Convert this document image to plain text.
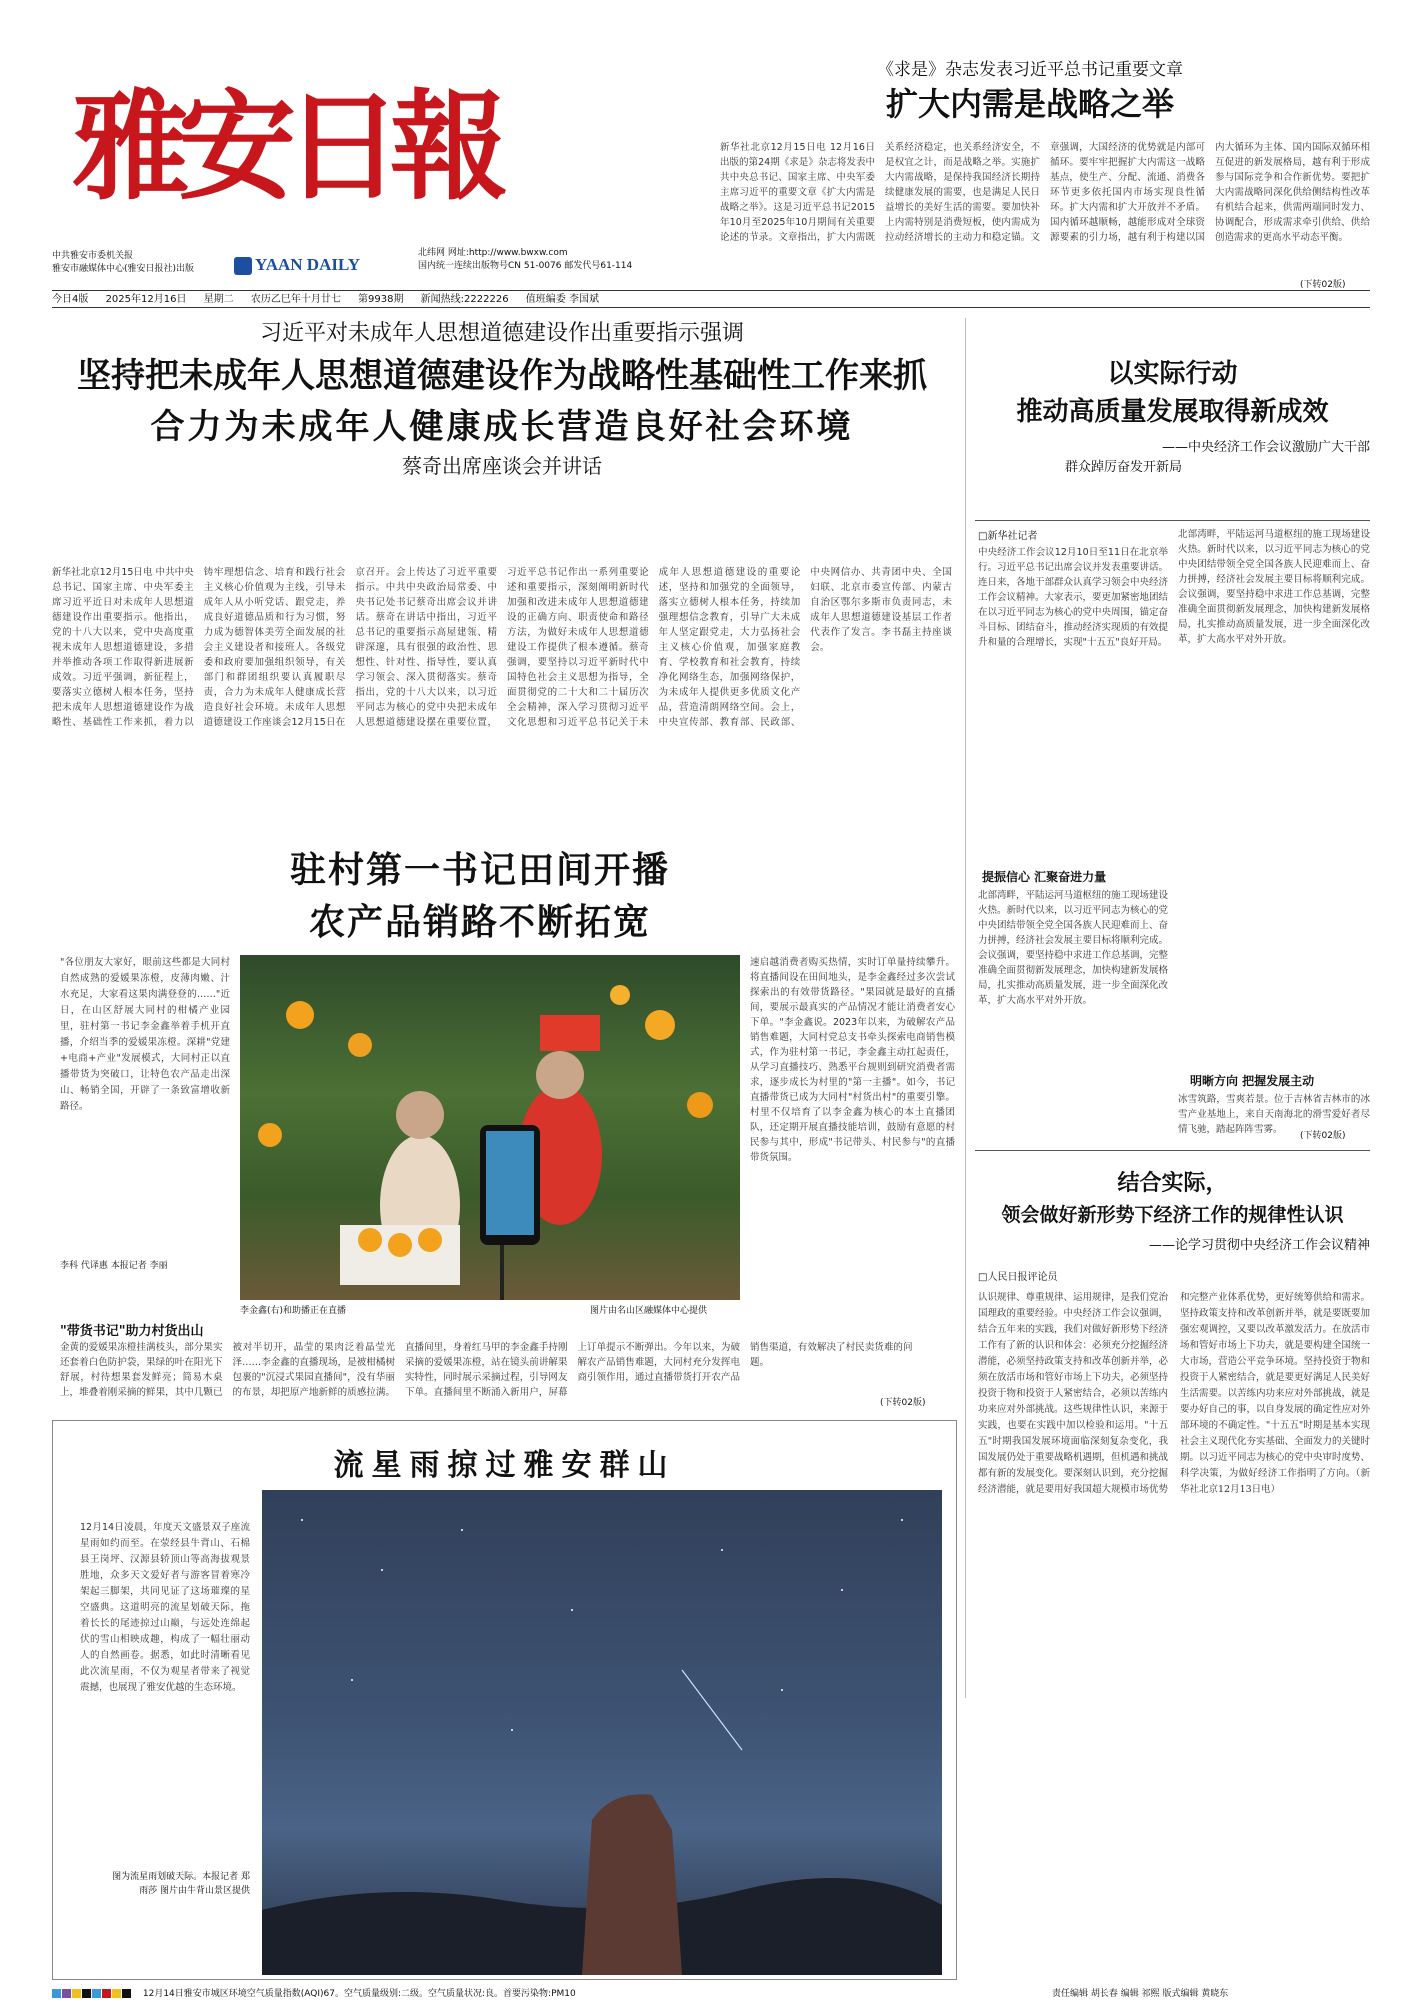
雅安日報
中共雅安市委机关报
雅安市融媒体中心(雅安日报社)出版	YAAN DAILY
北纬网 网址:http://www.bwxw.com
国内统一连续出版物号CN 51-0076 邮发代号61-114
《求是》杂志发表习近平总书记重要文章
扩大内需是战略之举
新华社北京12月15日电 12月16日出版的第24期《求是》杂志将发表中共中央总书记、国家主席、中央军委主席习近平的重要文章《扩大内需是战略之举》。这是习近平总书记2015年10月至2025年10月期间有关重要论述的节录。文章指出，扩大内需既关系经济稳定，也关系经济安全，不是权宜之计，而是战略之举。实施扩大内需战略，是保持我国经济长期持续健康发展的需要，也是满足人民日益增长的美好生活的需要。要加快补上内需特别是消费短板，使内需成为拉动经济增长的主动力和稳定锚。文章强调，大国经济的优势就是内部可循环。要牢牢把握扩大内需这一战略基点，使生产、分配、流通、消费各环节更多依托国内市场实现良性循环。扩大内需和扩大开放并不矛盾。国内循环越顺畅，越能形成对全球资源要素的引力场，越有利于构建以国内大循环为主体、国内国际双循环相互促进的新发展格局，越有利于形成参与国际竞争和合作新优势。要把扩大内需战略同深化供给侧结构性改革有机结合起来，供需两端同时发力、协调配合，形成需求牵引供给、供给创造需求的更高水平动态平衡。
(下转02版)
今日4版 2025年12月16日 星期二 农历乙巳年十月廿七 第9938期 新闻热线:2222226 值班编委 李国斌
习近平对未成年人思想道德建设作出重要指示强调
坚持把未成年人思想道德建设作为战略性基础性工作来抓
合力为未成年人健康成长营造良好社会环境
蔡奇出席座谈会并讲话
新华社北京12月15日电 中共中央总书记、国家主席、中央军委主席习近平近日对未成年人思想道德建设作出重要指示。他指出，党的十八大以来，党中央高度重视未成年人思想道德建设，多措并举推动各项工作取得新进展新成效。习近平强调，新征程上，要落实立德树人根本任务，坚持把未成年人思想道德建设作为战略性、基础性工作来抓，着力以铸牢理想信念、培育和践行社会主义核心价值观为主线，引导未成年人从小听党话、跟党走，养成良好道德品质和行为习惯，努力成为德智体美劳全面发展的社会主义建设者和接班人。各级党委和政府要加强组织领导，有关部门和群团组织要认真履职尽责，合力为未成年人健康成长营造良好社会环境。未成年人思想道德建设工作座谈会12月15日在京召开。会上传达了习近平重要指示。中共中央政治局常委、中央书记处书记蔡奇出席会议并讲话。蔡奇在讲话中指出，习近平总书记的重要指示高屋建瓴、精辟深邃，具有很强的政治性、思想性、针对性、指导性，要认真学习领会、深入贯彻落实。蔡奇指出，党的十八大以来，以习近平同志为核心的党中央把未成年人思想道德建设摆在重要位置，习近平总书记作出一系列重要论述和重要指示，深刻阐明新时代加强和改进未成年人思想道德建设的正确方向、职责使命和路径方法，为做好未成年人思想道德建设工作提供了根本遵循。蔡奇强调，要坚持以习近平新时代中国特色社会主义思想为指导，全面贯彻党的二十大和二十届历次全会精神，深入学习贯彻习近平文化思想和习近平总书记关于未成年人思想道德建设的重要论述，坚持和加强党的全面领导，落实立德树人根本任务，持续加强理想信念教育，引导广大未成年人坚定跟党走，大力弘扬社会主义核心价值观，加强家庭教育、学校教育和社会教育，持续净化网络生态，加强网络保护，为未成年人提供更多优质文化产品，营造清朗网络空间。会上，中央宣传部、教育部、民政部、中央网信办、共青团中央、全国妇联、北京市委宣传部、内蒙古自治区鄂尔多斯市负责同志，未成年人思想道德建设基层工作者代表作了发言。李书磊主持座谈会。
驻村第一书记田间开播
农产品销路不断拓宽
"各位朋友大家好，眼前这些都是大同村自然成熟的爱媛果冻橙，皮薄肉嫩、汁水充足，大家看这果肉满登登的……"近日，在山区舒展大同村的柑橘产业园里，驻村第一书记李金鑫举着手机开直播，介绍当季的爱媛果冻橙。深耕"党建+电商+产业"发展模式，大同村正以直播带货为突破口，让特色农产品走出深山、畅销全国，开辟了一条致富增收新路径。
李科 代译惠 本报记者 李丽
李金鑫(右)和助播正在直播	图片由名山区融媒体中心提供
速启越消费者购买热情，实时订单量持续攀升。将直播间设在田间地头，是李金鑫经过多次尝试探索出的有效带货路径。"果园就是最好的直播间，要展示最真实的产品情况才能让消费者安心下单。"李金鑫说。2023年以来，为破解农产品销售难题，大同村党总支书牵头探索电商销售模式，作为驻村第一书记，李金鑫主动扛起责任，从学习直播技巧、熟悉平台规则到研究消费者需求，逐步成长为村里的"第一主播"。如今，书记直播带货已成为大同村"村货出村"的重要引擎。村里不仅培育了以李金鑫为核心的本土直播团队，还定期开展直播技能培训，鼓励有意愿的村民参与其中，形成"书记带头、村民参与"的直播带货氛围。
"带货书记"助力村货出山
金黄的爱媛果冻橙挂满枝头，部分果实还套着白色防护袋，果绿的叶在阳光下舒展，村待想果套发鲜亮；简易木桌上，堆叠着刚采摘的鲜果，其中几颗已被对半切开，晶莹的果肉泛着晶莹光泽……李金鑫的直播现场，是被柑橘树包裹的"沉浸式果园直播间"，没有华丽的布景，却把原产地新鲜的质感拉满。直播间里，身着红马甲的李金鑫手持刚采摘的爱媛果冻橙，站在镜头前讲解果实特性，同时展示采摘过程，引导网友下单。直播间里不断涌入新用户，屏幕上订单提示不断弹出。今年以来，为破解农产品销售难题，大同村充分发挥电商引领作用，通过直播带货打开农产品销售渠道，有效解决了村民卖货难的问题。
(下转02版)
流星雨掠过雅安群山
12月14日凌晨，年度天文盛景双子座流星雨如约而至。在荥经县牛背山、石棉县王岗坪、汉源县轿顶山等高海拔观景胜地，众多天文爱好者与游客冒着寒冷架起三脚架，共同见证了这场璀璨的星空盛典。这道明亮的流星划破天际，拖着长长的尾迹掠过山巅，与远处连绵起伏的雪山相映成趣，构成了一幅壮丽动人的自然画卷。据悉，如此时清晰看见此次流星雨，不仅为观星者带来了视觉震撼，也展现了雅安优越的生态环境。
图为流星雨划破天际。本报记者 郑雨莎 图片由牛背山景区提供
以实际行动
推动高质量发展取得新成效
——中央经济工作会议激励广大干部
群众踔厉奋发开新局
□新华社记者
中央经济工作会议12月10日至11日在北京举行。习近平总书记出席会议并发表重要讲话。连日来，各地干部群众认真学习领会中央经济工作会议精神。大家表示，要更加紧密地团结在以习近平同志为核心的党中央周围，锚定奋斗目标、团结奋斗，推动经济实现质的有效提升和量的合理增长，实现"十五五"良好开局。
提振信心 汇聚奋进力量
北部湾畔，平陆运河马道枢纽的施工现场建设火热。新时代以来，以习近平同志为核心的党中央团结带领全党全国各族人民迎难而上、奋力拼搏，经济社会发展主要目标将顺利完成。会议强调，要坚持稳中求进工作总基调，完整准确全面贯彻新发展理念，加快构建新发展格局，扎实推动高质量发展，进一步全面深化改革，扩大高水平对外开放。
北部湾畔，平陆运河马道枢纽的施工现场建设火热。新时代以来，以习近平同志为核心的党中央团结带领全党全国各族人民迎难而上、奋力拼搏，经济社会发展主要目标将顺利完成。会议强调，要坚持稳中求进工作总基调，完整准确全面贯彻新发展理念，加快构建新发展格局，扎实推动高质量发展，进一步全面深化改革，扩大高水平对外开放。
明晰方向 把握发展主动
冰雪筑路，雪爽若景。位于吉林省吉林市的冰雪产业基地上，来自天南海北的滑雪爱好者尽情飞驰，踏起阵阵雪雾。
(下转02版)
结合实际，
领会做好新形势下经济工作的规律性认识
——论学习贯彻中央经济工作会议精神
□人民日报评论员
认识规律、尊重规律、运用规律，是我们党治国理政的重要经验。中央经济工作会议强调，结合五年来的实践，我们对做好新形势下经济工作有了新的认识和体会：必须充分挖掘经济潜能，必须坚持政策支持和改革创新并举，必须在放活市场和管好市场上下功夫，必须坚持投资于物和投资于人紧密结合，必须以苦练内功来应对外部挑战。这些规律性认识，来源于实践，也要在实践中加以检验和运用。"十五五"时期我国发展环境面临深刻复杂变化，我国发展仍处于重要战略机遇期，但机遇和挑战都有新的发展变化。要深刻认识到，充分挖掘经济潜能，就是要用好我国超大规模市场优势和完整产业体系优势，更好统筹供给和需求。坚持政策支持和改革创新并举，就是要既要加强宏观调控，又要以改革激发活力。在放活市场和管好市场上下功夫，就是要构建全国统一大市场，营造公平竞争环境。坚持投资于物和投资于人紧密结合，就是要更好满足人民美好生活需要。以苦练内功来应对外部挑战，就是要办好自己的事，以自身发展的确定性应对外部环境的不确定性。"十五五"时期是基本实现社会主义现代化夯实基础、全面发力的关键时期。以习近平同志为核心的党中央审时度势、科学决策，为做好经济工作指明了方向。（新华社北京12月13日电）
12月14日雅安市城区环境空气质量指数(AQI)67。空气质量级别:二级。空气质量状况:良。首要污染物:PM10	责任编辑 胡长春 编辑 祁熙 版式编辑 黄晓东
